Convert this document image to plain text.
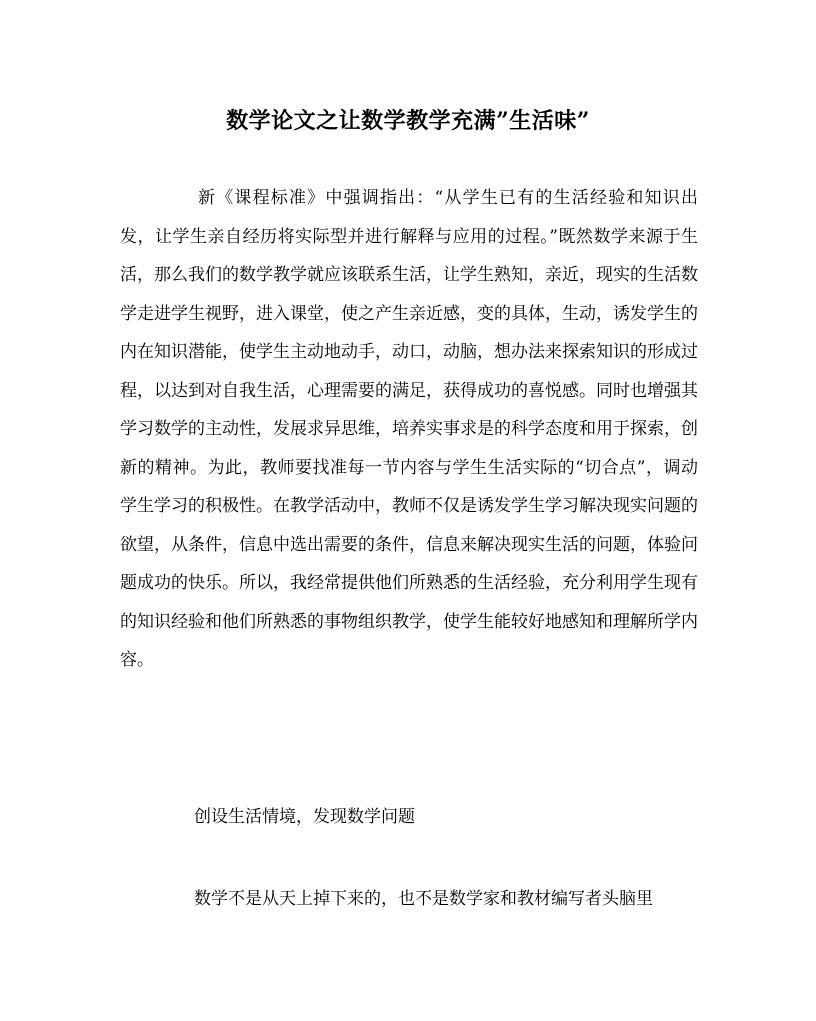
数学论文之让数学教学充满”生活味”

新《课程标准》中强调指出：“从学生已有的生活经验和知识出发，让学生亲自经历将实际型并进行解释与应用的过程。”既然数学来源于生活，那么我们的数学教学就应该联系生活，让学生熟知，亲近，现实的生活数学走进学生视野，进入课堂，使之产生亲近感，变的具体，生动，诱发学生的内在知识潜能，使学生主动地动手，动口，动脑，想办法来探索知识的形成过程，以达到对自我生活，心理需要的满足，获得成功的喜悦感。同时也增强其学习数学的主动性，发展求异思维，培养实事求是的科学态度和用于探索，创新的精神。为此，教师要找准每一节内容与学生生活实际的“切合点”，调动学生学习的积极性。在教学活动中，教师不仅是诱发学生学习解决现实问题的欲望，从条件，信息中选出需要的条件，信息来解决现实生活的问题，体验问题成功的快乐。所以，我经常提供他们所熟悉的生活经验，充分利用学生现有的知识经验和他们所熟悉的事物组织教学，使学生能较好地感知和理解所学内容。

创设生活情境，发现数学问题

数学不是从天上掉下来的，也不是数学家和教材编写者头脑里
